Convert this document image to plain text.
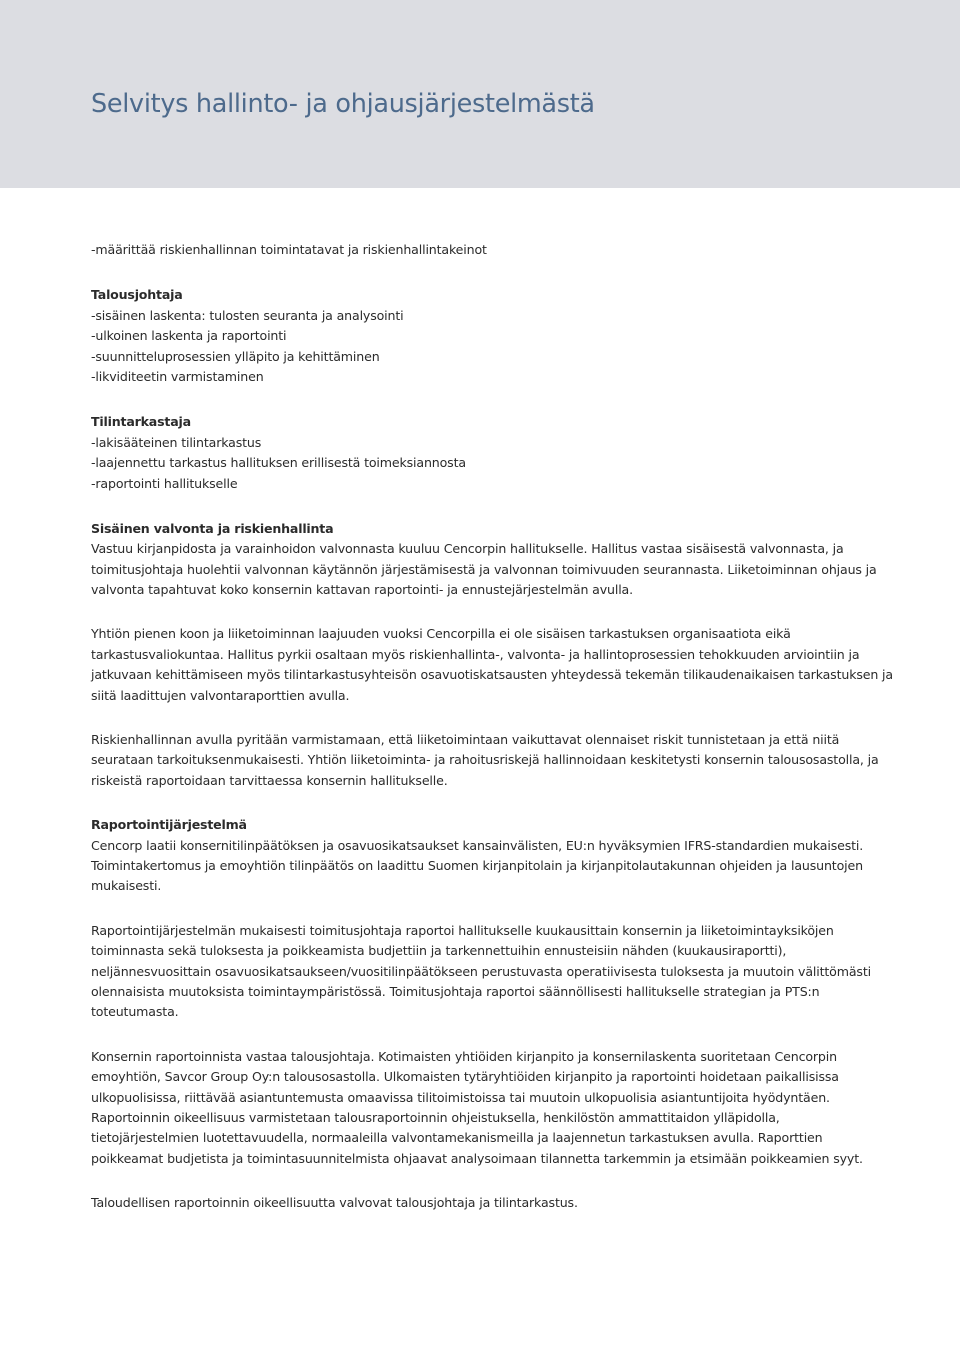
Selvitys hallinto- ja ohjausjärjestelmästä
-määrittää riskienhallinnan toimintatavat ja riskienhallintakeinot
Talousjohtaja
-sisäinen laskenta: tulosten seuranta ja analysointi
-ulkoinen laskenta ja raportointi
-suunnitteluprosessien ylläpito ja kehittäminen
-likviditeetin varmistaminen
Tilintarkastaja
-lakisääteinen tilintarkastus
-laajennettu tarkastus hallituksen erillisestä toimeksiannosta
-raportointi hallitukselle
Sisäinen valvonta ja riskienhallinta
Vastuu kirjanpidosta ja varainhoidon valvonnasta kuuluu Cencorpin hallitukselle. Hallitus vastaa sisäisestä valvonnasta, ja
toimitusjohtaja huolehtii valvonnan käytännön järjestämisestä ja valvonnan toimivuuden seurannasta. Liiketoiminnan ohjaus ja
valvonta tapahtuvat koko konsernin kattavan raportointi- ja ennustejärjestelmän avulla.
Yhtiön pienen koon ja liiketoiminnan laajuuden vuoksi Cencorpilla ei ole sisäisen tarkastuksen organisaatiota eikä
tarkastusvaliokuntaa. Hallitus pyrkii osaltaan myös riskienhallinta-, valvonta- ja hallintoprosessien tehokkuuden arviointiin ja
jatkuvaan kehittämiseen myös tilintarkastusyhteisön osavuotiskatsausten yhteydessä tekemän tilikaudenaikaisen tarkastuksen ja
siitä laadittujen valvontaraporttien avulla.
Riskienhallinnan avulla pyritään varmistamaan, että liiketoimintaan vaikuttavat olennaiset riskit tunnistetaan ja että niitä
seurataan tarkoituksenmukaisesti. Yhtiön liiketoiminta- ja rahoitusriskejä hallinnoidaan keskitetysti konsernin talousosastolla, ja
riskeistä raportoidaan tarvittaessa konsernin hallitukselle.
Raportointijärjestelmä
Cencorp laatii konsernitilinpäätöksen ja osavuosikatsaukset kansainvälisten, EU:n hyväksymien IFRS-standardien mukaisesti.
Toimintakertomus ja emoyhtiön tilinpäätös on laadittu Suomen kirjanpitolain ja kirjanpitolautakunnan ohjeiden ja lausuntojen
mukaisesti.
Raportointijärjestelmän mukaisesti toimitusjohtaja raportoi hallitukselle kuukausittain konsernin ja liiketoimintayksiköjen
toiminnasta sekä tuloksesta ja poikkeamista budjettiin ja tarkennettuihin ennusteisiin nähden (kuukausiraportti),
neljännesvuosittain osavuosikatsaukseen/vuositilinpäätökseen perustuvasta operatiivisesta tuloksesta ja muutoin välittömästi
olennaisista muutoksista toimintaympäristössä. Toimitusjohtaja raportoi säännöllisesti hallitukselle strategian ja PTS:n
toteutumasta.
Konsernin raportoinnista vastaa talousjohtaja. Kotimaisten yhtiöiden kirjanpito ja konsernilaskenta suoritetaan Cencorpin
emoyhtiön, Savcor Group Oy:n talousosastolla. Ulkomaisten tytäryhtiöiden kirjanpito ja raportointi hoidetaan paikallisissa
ulkopuolisissa, riittävää asiantuntemusta omaavissa tilitoimistoissa tai muutoin ulkopuolisia asiantuntijoita hyödyntäen.
Raportoinnin oikeellisuus varmistetaan talousraportoinnin ohjeistuksella, henkilöstön ammattitaidon ylläpidolla,
tietojärjestelmien luotettavuudella, normaaleilla valvontamekanismeilla ja laajennetun tarkastuksen avulla. Raporttien
poikkeamat budjetista ja toimintasuunnitelmista ohjaavat analysoimaan tilannetta tarkemmin ja etsimään poikkeamien syyt.
Taloudellisen raportoinnin oikeellisuutta valvovat talousjohtaja ja tilintarkastus.
